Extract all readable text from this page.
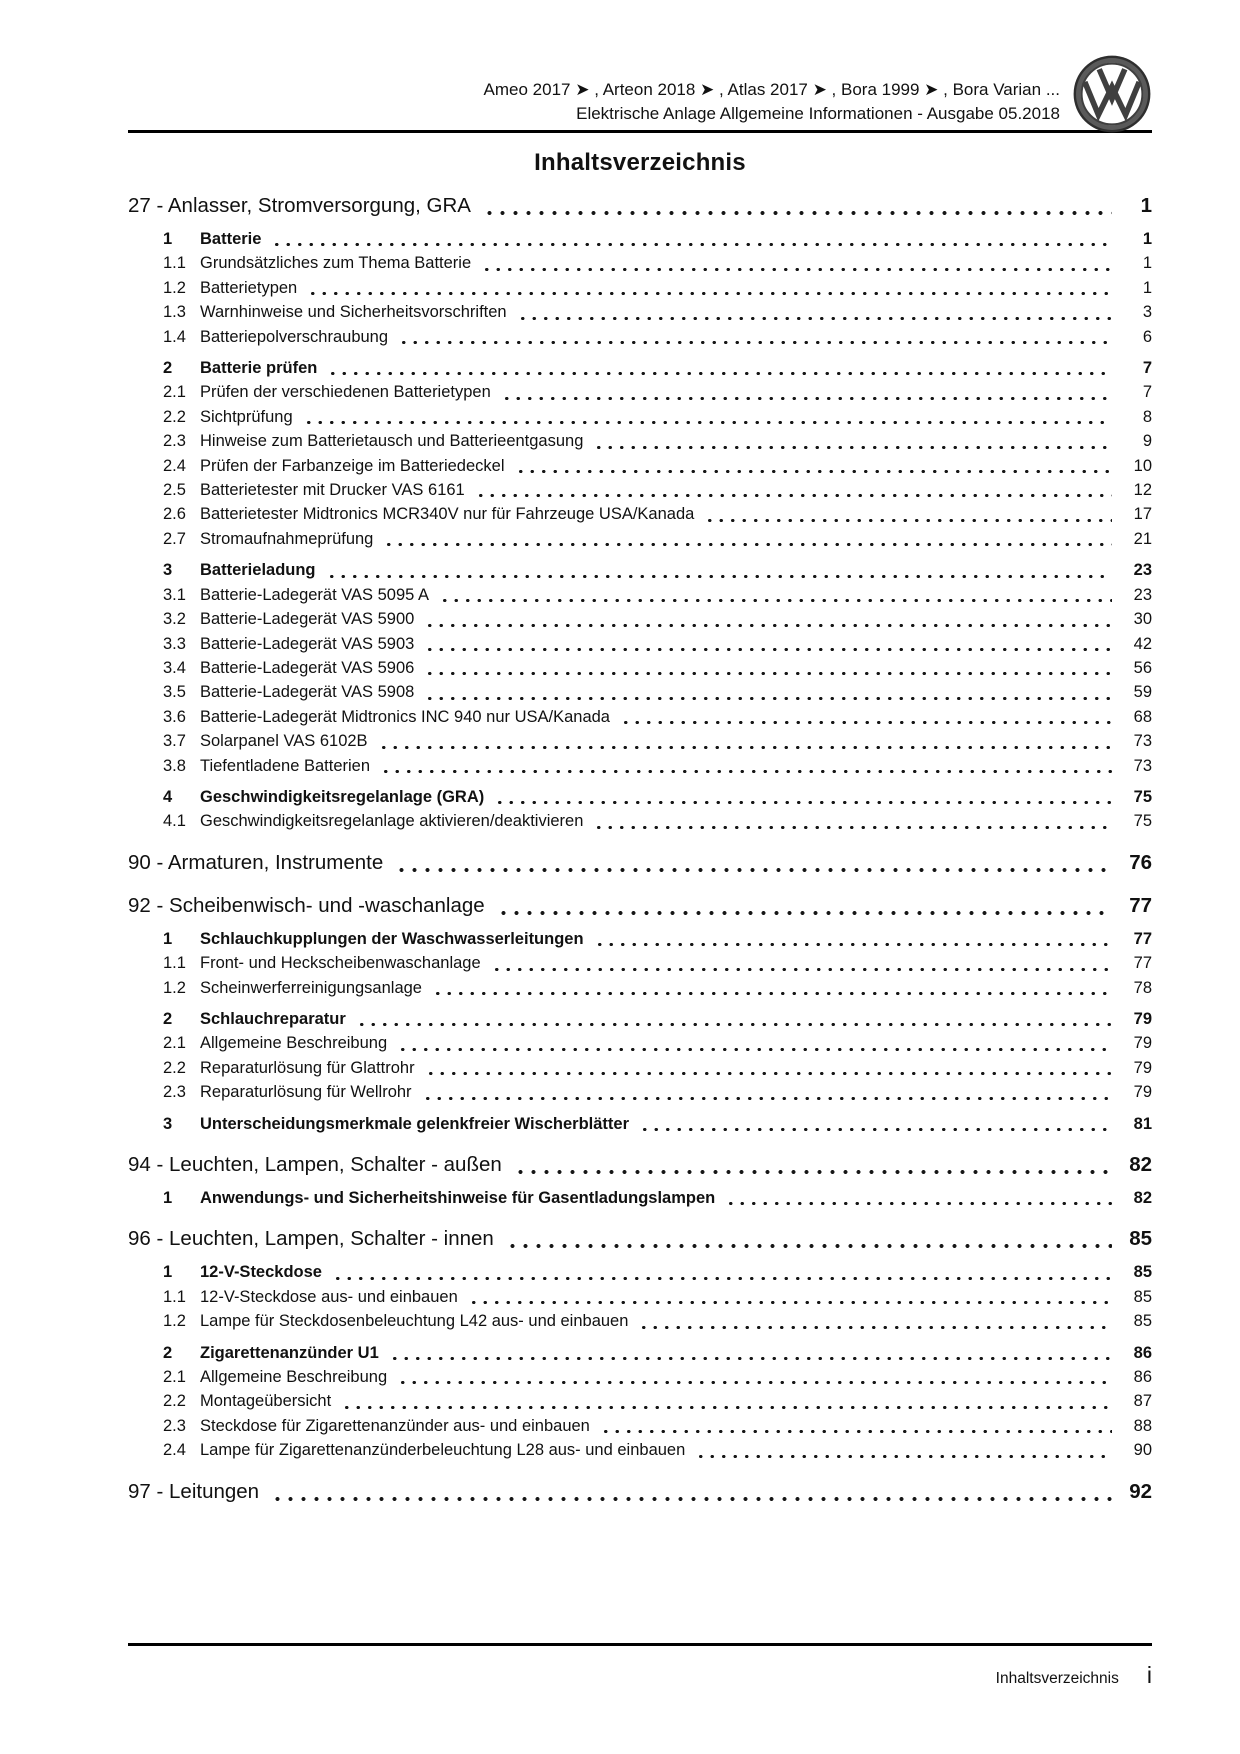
Ameo 2017 ➤ , Arteon 2018 ➤ , Atlas 2017 ➤ , Bora 1999 ➤ , Bora Varian ...
Elektrische Anlage Allgemeine Informationen - Ausgabe 05.2018
Inhaltsverzeichnis
27 - Anlasser, Stromversorgung, GRA	1
1	Batterie	1
1.1 Grundsätzliches zum Thema Batterie	1
1.2 Batterietypen	1
1.3 Warnhinweise und Sicherheitsvorschriften	3
1.4 Batteriepolverschraubung	6
2	Batterie prüfen	7
2.1 Prüfen der verschiedenen Batterietypen	7
2.2 Sichtprüfung	8
2.3 Hinweise zum Batterietausch und Batterieentgasung	9
2.4 Prüfen der Farbanzeige im Batteriedeckel	10
2.5 Batterietester mit Drucker VAS 6161	12
2.6 Batterietester Midtronics MCR340V nur für Fahrzeuge USA/Kanada	17
2.7 Stromaufnahmeprüfung	21
3	Batterieladung	23
3.1 Batterie-Ladegerät VAS 5095 A	23
3.2 Batterie-Ladegerät VAS 5900	30
3.3 Batterie-Ladegerät VAS 5903	42
3.4 Batterie-Ladegerät VAS 5906	56
3.5 Batterie-Ladegerät VAS 5908	59
3.6 Batterie-Ladegerät Midtronics INC 940 nur USA/Kanada	68
3.7 Solarpanel VAS 6102B	73
3.8 Tiefentladene Batterien	73
4	Geschwindigkeitsregelanlage (GRA)	75
4.1 Geschwindigkeitsregelanlage aktivieren/deaktivieren	75
90 - Armaturen, Instrumente	76
92 - Scheibenwisch- und -waschanlage	77
1	Schlauchkupplungen der Waschwasserleitungen	77
1.1 Front- und Heckscheibenwaschanlage	77
1.2 Scheinwerferreinigungsanlage	78
2	Schlauchreparatur	79
2.1 Allgemeine Beschreibung	79
2.2 Reparaturlösung für Glattrohr	79
2.3 Reparaturlösung für Wellrohr	79
3	Unterscheidungsmerkmale gelenkfreier Wischerblätter	81
94 - Leuchten, Lampen, Schalter - außen	82
1	Anwendungs- und Sicherheitshinweise für Gasentladungslampen	82
96 - Leuchten, Lampen, Schalter - innen	85
1	12-V-Steckdose	85
1.1 12-V-Steckdose aus- und einbauen	85
1.2 Lampe für Steckdosenbeleuchtung L42 aus- und einbauen	85
2	Zigarettenanzünder U1	86
2.1 Allgemeine Beschreibung	86
2.2 Montageübersicht	87
2.3 Steckdose für Zigarettenanzünder aus- und einbauen	88
2.4 Lampe für Zigarettenanzünderbeleuchtung L28 aus- und einbauen	90
97 - Leitungen	92
Inhaltsverzeichnis i
